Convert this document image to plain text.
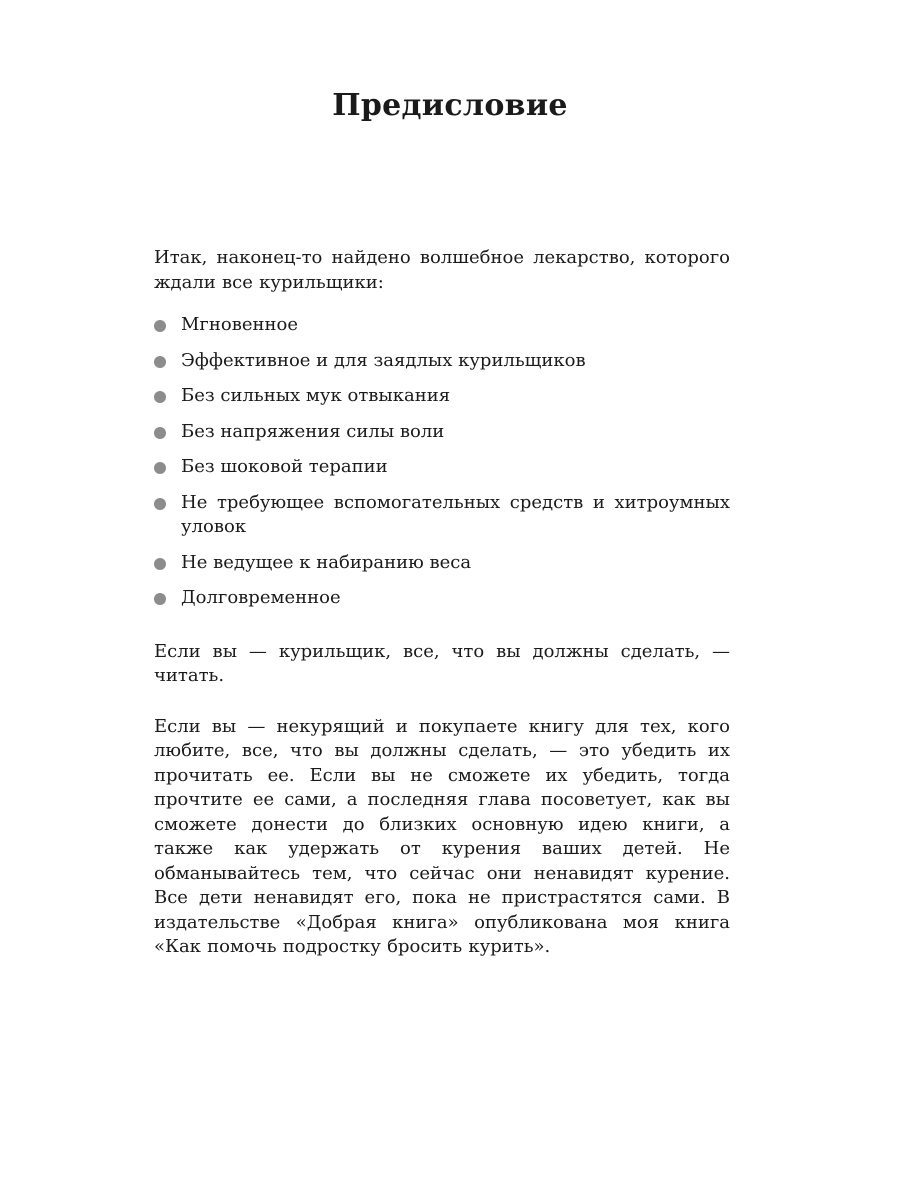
Предисловие

Итак, наконец-то найдено волшебное лекарство, которого ждали все курильщики:

Мгновенное
Эффективное и для заядлых курильщиков
Без сильных мук отвыкания
Без напряжения силы воли
Без шоковой терапии
Не требующее вспомогательных средств и хитроумных уловок
Не ведущее к набиранию веса
Долговременное

Если вы — курильщик, все, что вы должны сделать, — читать.

Если вы — некурящий и покупаете книгу для тех, кого любите, все, что вы должны сделать, — это убедить их прочитать ее. Если вы не сможете их убедить, тогда прочтите ее сами, а последняя глава посоветует, как вы сможете донести до близких основную идею книги, а также как удержать от курения ваших детей. Не обманывайтесь тем, что сейчас они ненавидят курение. Все дети ненавидят его, пока не пристрастятся сами. В издательстве «Добрая книга» опубликована моя книга «Как помочь подростку бросить курить».
